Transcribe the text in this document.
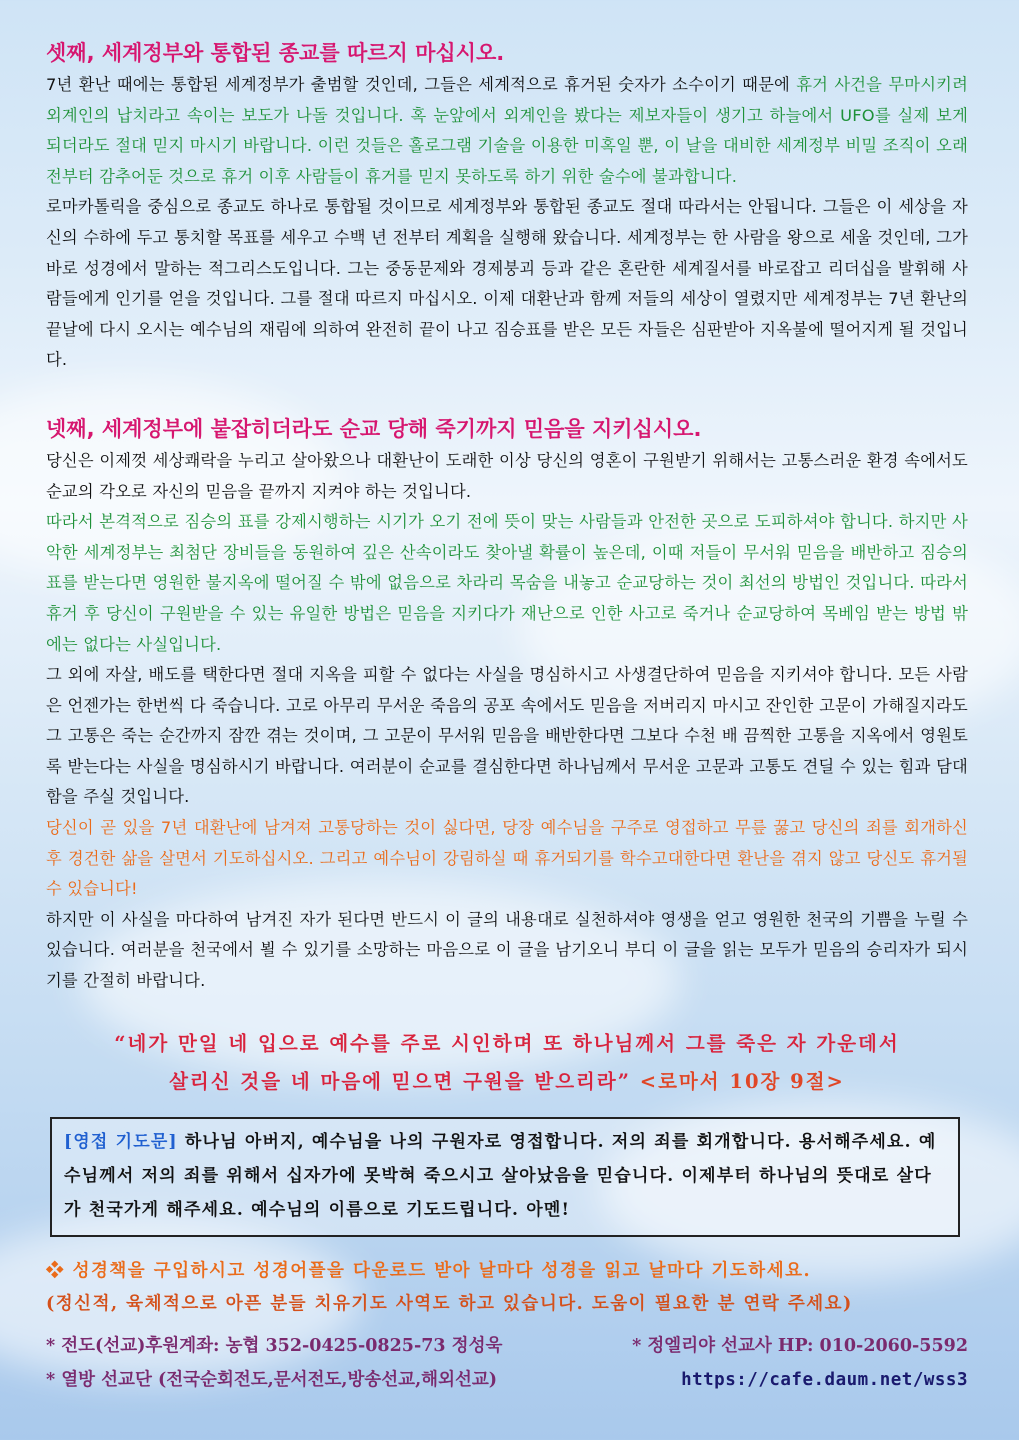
셋째, 세계정부와 통합된 종교를 따르지 마십시오.

7년 환난 때에는 통합된 세계정부가 출범할 것인데, 그들은 세계적으로 휴거된 숫자가 소수이기 때문에 휴거 사건을 무마시키려 외계인의 납치라고 속이는 보도가 나돌 것입니다. 혹 눈앞에서 외계인을 봤다는 제보자들이 생기고 하늘에서 UFO를 실제 보게 되더라도 절대 믿지 마시기 바랍니다. 이런 것들은 홀로그램 기술을 이용한 미혹일 뿐, 이 날을 대비한 세계정부 비밀 조직이 오래전부터 감추어둔 것으로 휴거 이후 사람들이 휴거를 믿지 못하도록 하기 위한 술수에 불과합니다.

로마카톨릭을 중심으로 종교도 하나로 통합될 것이므로 세계정부와 통합된 종교도 절대 따라서는 안됩니다. 그들은 이 세상을 자신의 수하에 두고 통치할 목표를 세우고 수백 년 전부터 계획을 실행해 왔습니다. 세계정부는 한 사람을 왕으로 세울 것인데, 그가 바로 성경에서 말하는 적그리스도입니다. 그는 중동문제와 경제붕괴 등과 같은 혼란한 세계질서를 바로잡고 리더십을 발휘해 사람들에게 인기를 얻을 것입니다. 그를 절대 따르지 마십시오. 이제 대환난과 함께 저들의 세상이 열렸지만 세계정부는 7년 환난의 끝날에 다시 오시는 예수님의 재림에 의하여 완전히 끝이 나고 짐승표를 받은 모든 자들은 심판받아 지옥불에 떨어지게 될 것입니다.

넷째, 세계정부에 붙잡히더라도 순교 당해 죽기까지 믿음을 지키십시오.

당신은 이제껏 세상쾌락을 누리고 살아왔으나 대환난이 도래한 이상 당신의 영혼이 구원받기 위해서는 고통스러운 환경 속에서도 순교의 각오로 자신의 믿음을 끝까지 지켜야 하는 것입니다.

따라서 본격적으로 짐승의 표를 강제시행하는 시기가 오기 전에 뜻이 맞는 사람들과 안전한 곳으로 도피하셔야 합니다. 하지만 사악한 세계정부는 최첨단 장비들을 동원하여 깊은 산속이라도 찾아낼 확률이 높은데, 이때 저들이 무서워 믿음을 배반하고 짐승의 표를 받는다면 영원한 불지옥에 떨어질 수 밖에 없음으로 차라리 목숨을 내놓고 순교당하는 것이 최선의 방법인 것입니다. 따라서 휴거 후 당신이 구원받을 수 있는 유일한 방법은 믿음을 지키다가 재난으로 인한 사고로 죽거나 순교당하여 목베임 받는 방법 밖에는 없다는 사실입니다.

그 외에 자살, 배도를 택한다면 절대 지옥을 피할 수 없다는 사실을 명심하시고 사생결단하여 믿음을 지키셔야 합니다. 모든 사람은 언젠가는 한번씩 다 죽습니다. 고로 아무리 무서운 죽음의 공포 속에서도 믿음을 저버리지 마시고 잔인한 고문이 가해질지라도 그 고통은 죽는 순간까지 잠깐 겪는 것이며, 그 고문이 무서워 믿음을 배반한다면 그보다 수천 배 끔찍한 고통을 지옥에서 영원토록 받는다는 사실을 명심하시기 바랍니다. 여러분이 순교를 결심한다면 하나님께서 무서운 고문과 고통도 견딜 수 있는 힘과 담대함을 주실 것입니다.

당신이 곧 있을 7년 대환난에 남겨져 고통당하는 것이 싫다면, 당장 예수님을 구주로 영접하고 무릎 꿇고 당신의 죄를 회개하신 후 경건한 삶을 살면서 기도하십시오. 그리고 예수님이 강림하실 때 휴거되기를 학수고대한다면 환난을 겪지 않고 당신도 휴거될 수 있습니다!

하지만 이 사실을 마다하여 남겨진 자가 된다면 반드시 이 글의 내용대로 실천하셔야 영생을 얻고 영원한 천국의 기쁨을 누릴 수 있습니다. 여러분을 천국에서 뵐 수 있기를 소망하는 마음으로 이 글을 남기오니 부디 이 글을 읽는 모두가 믿음의 승리자가 되시기를 간절히 바랍니다.

“네가 만일 네 입으로 예수를 주로 시인하며 또 하나님께서 그를 죽은 자 가운데서
살리신 것을 네 마음에 믿으면 구원을 받으리라” <로마서 10장 9절>
[영접 기도문] 하나님 아버지, 예수님을 나의 구원자로 영접합니다. 저의 죄를 회개합니다. 용서해주세요. 예수님께서 저의 죄를 위해서 십자가에 못박혀 죽으시고 살아났음을 믿습니다. 이제부터 하나님의 뜻대로 살다가 천국가게 해주세요. 예수님의 이름으로 기도드립니다. 아멘!
❖ 성경책을 구입하시고 성경어플을 다운로드 받아 날마다 성경을 읽고 날마다 기도하세요.
(정신적, 육체적으로 아픈 분들 치유기도 사역도 하고 있습니다. 도움이 필요한 분 연락 주세요)
* 전도(선교)후원계좌: 농협 352-0425-0825-73 정성욱	* 정엘리야 선교사 HP: 010-2060-5592
* 열방 선교단 (전국순회전도,문서전도,방송선교,해외선교)	https://cafe.daum.net/wss3
